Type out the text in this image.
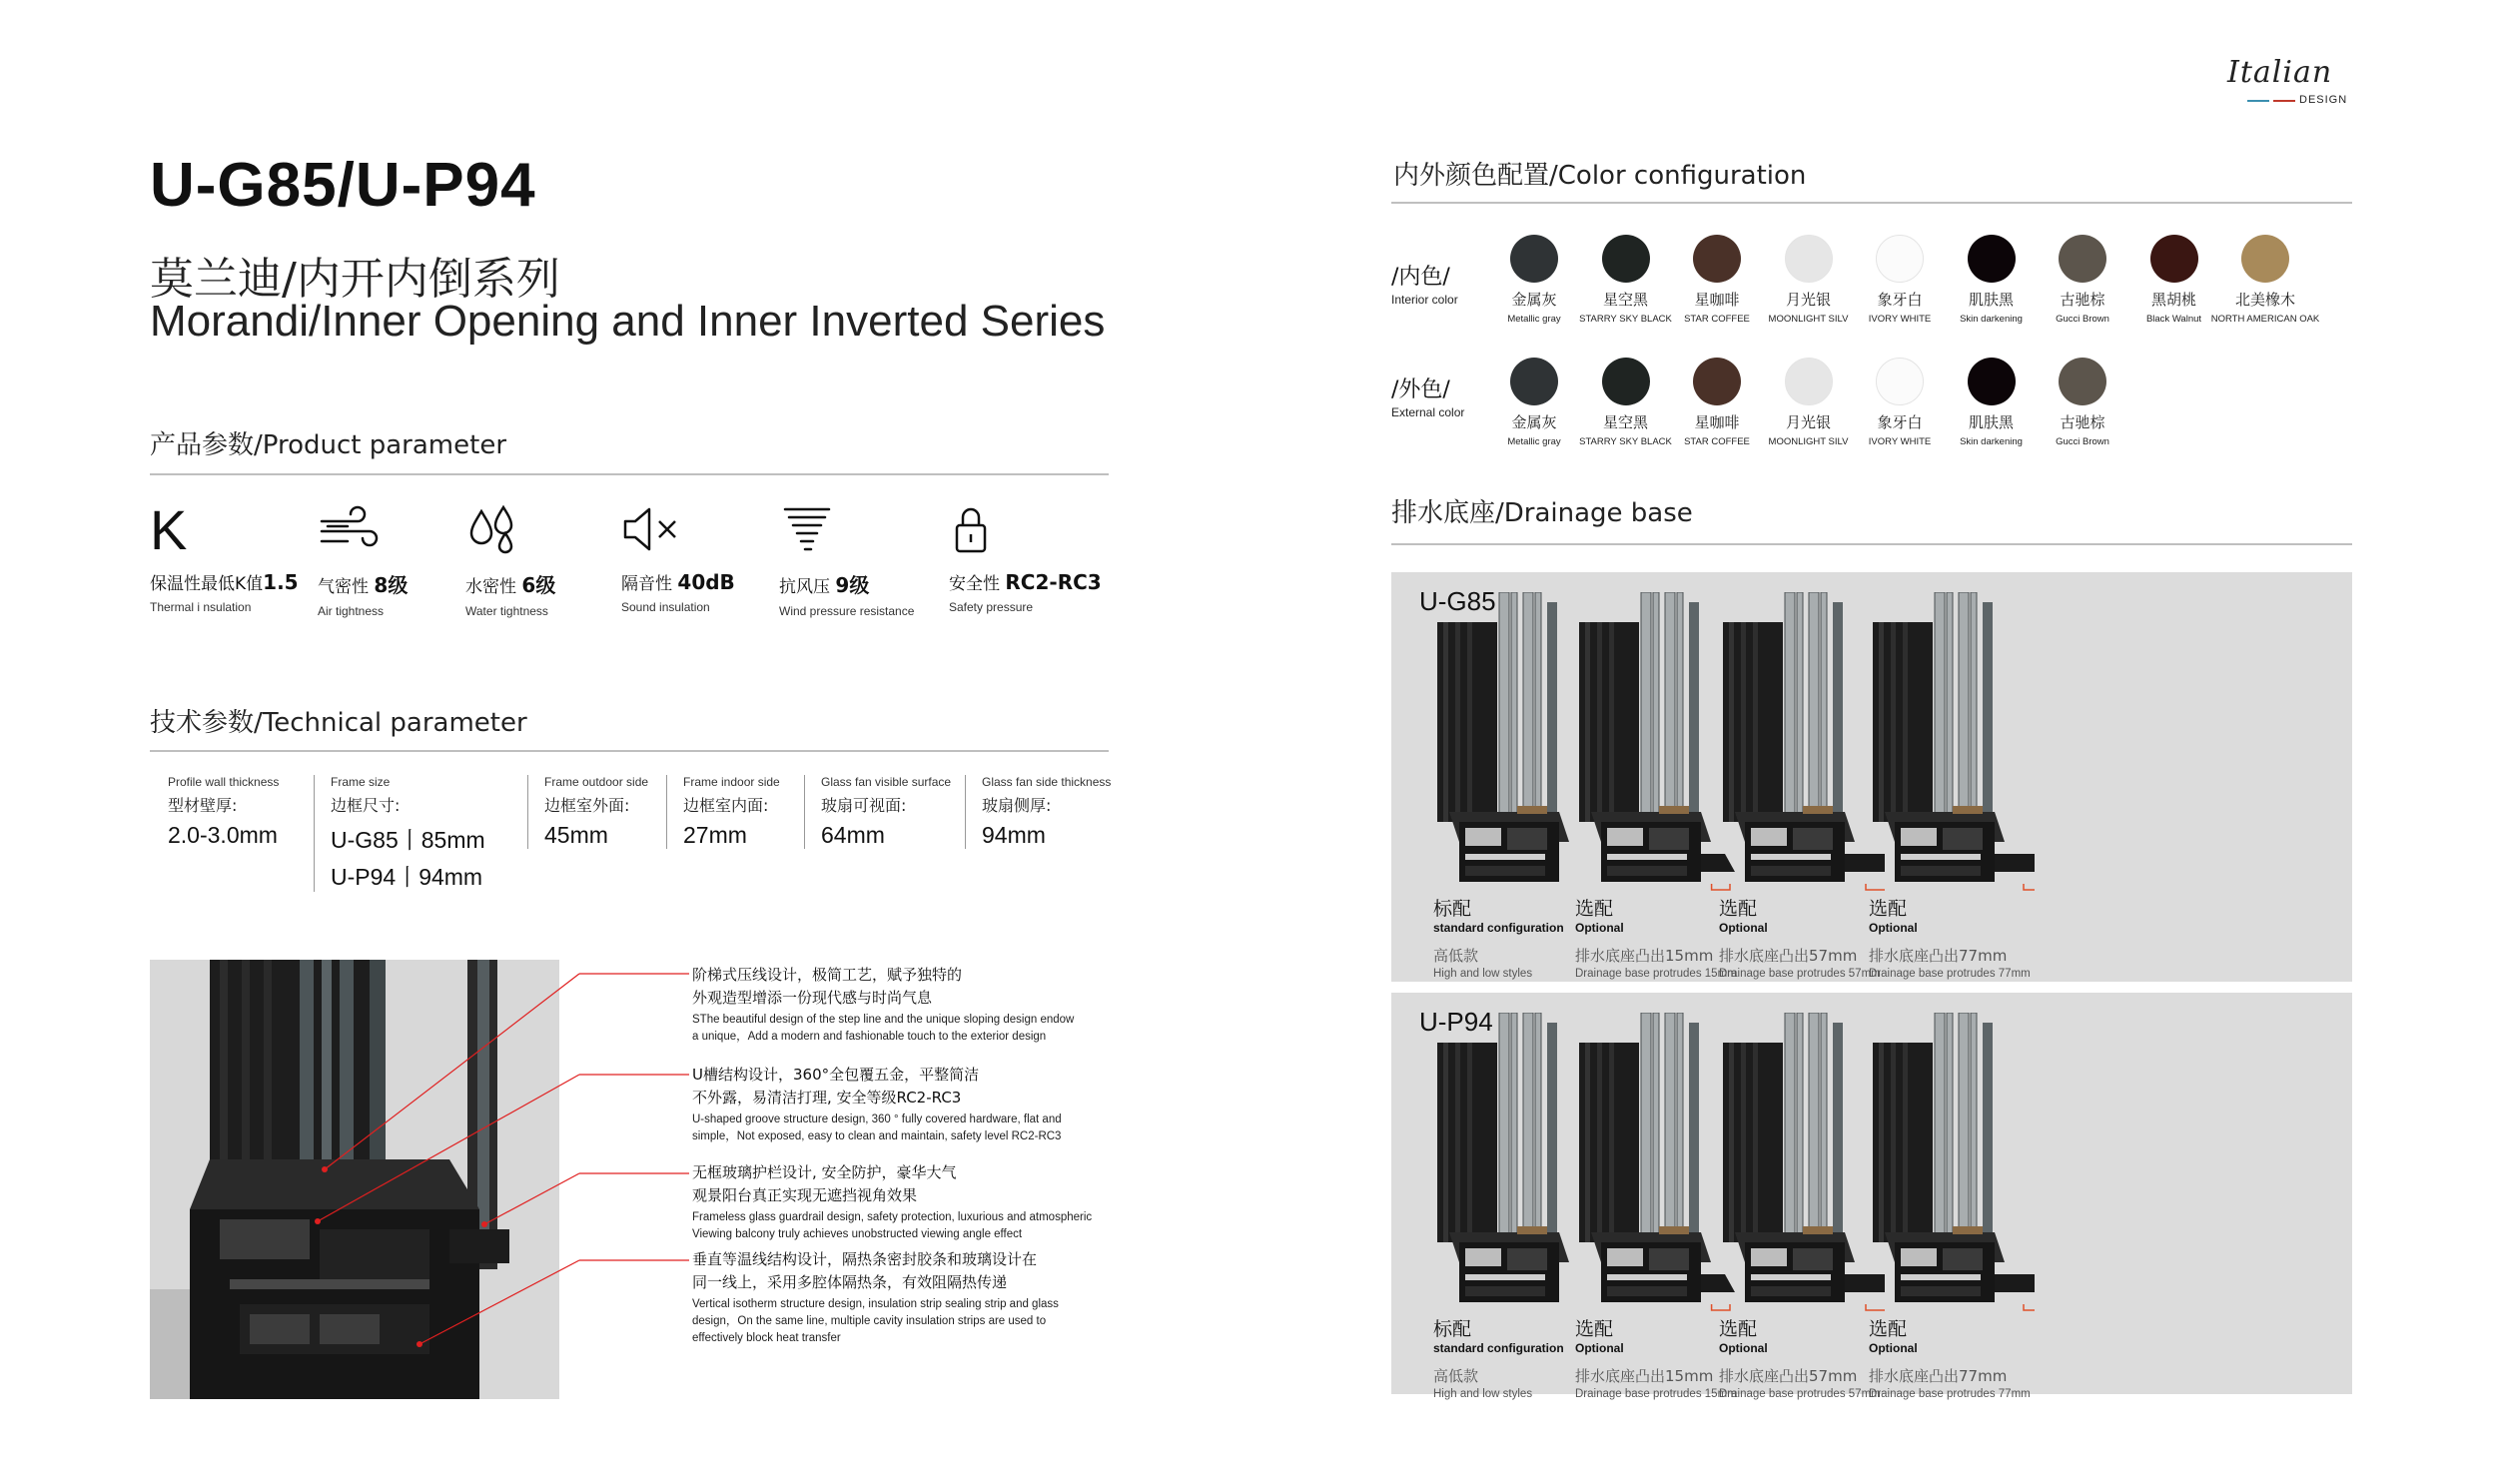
Italian
DESIGN
U-G85/U-P94
莫兰迪/内开内倒系列
Morandi/Inner Opening and Inner Inverted Series
产品参数/Product parameter
K
保温性最低K值1.5
Thermal i nsulation
气密性 8级
Air tightness
水密性 6级
Water tightness
隔音性 40dB
Sound insulation
抗风压 9级
Wind pressure resistance
安全性 RC2-RC3
Safety pressure
技术参数/Technical parameter
Profile wall thickness
型材壁厚:
2.0-3.0mm
Frame size
边框尺寸:
U-G85丨85mm
U-P94丨94mm
Frame outdoor side
边框室外面:
45mm
Frame indoor side
边框室内面:
27mm
Glass fan visible surface
玻扇可视面:
64mm
Glass fan side thickness
玻扇侧厚:
94mm
阶梯式压线设计，极简工艺，赋予独特的
外观造型增添一份现代感与时尚气息
SThe beautiful design of the step line and the unique sloping design endow
a unique，Add a modern and fashionable touch to the exterior design
U槽结构设计，360°全包覆五金，平整简洁
不外露，易清洁打理, 安全等级RC2-RC3
U-shaped groove structure design, 360 ° fully covered hardware, flat and
simple，Not exposed, easy to clean and maintain, safety level RC2-RC3
无框玻璃护栏设计, 安全防护，豪华大气
观景阳台真正实现无遮挡视角效果
Frameless glass guardrail design, safety protection, luxurious and atmospheric
Viewing balcony truly achieves unobstructed viewing angle effect
垂直等温线结构设计，隔热条密封胶条和玻璃设计在
同一线上，采用多腔体隔热条，有效阻隔热传递
Vertical isotherm structure design, insulation strip sealing strip and glass
design，On the same line, multiple cavity insulation strips are used to
effectively block heat transfer
内外颜色配置/Color configuration
/内色/
Interior color	金属灰
Metallic gray
星空黑
STARRY SKY BLACK
星咖啡
STAR COFFEE
月光银
MOONLIGHT SILV
象牙白
IVORY WHITE
肌肤黑
Skin darkening
古驰棕
Gucci Brown
黑胡桃
Black Walnut
北美橡木
NORTH AMERICAN OAK
/外色/
External color
金属灰
Metallic gray
星空黑
STARRY SKY BLACK
星咖啡
STAR COFFEE
月光银
MOONLIGHT SILV
象牙白
IVORY WHITE
肌肤黑
Skin darkening
古驰棕
Gucci Brown
排水底座/Drainage base
U-G85
标配
standard configuration
高低款
High and low styles
选配
Optional
排水底座凸出15mm
Drainage base protrudes 15mm
选配
Optional
排水底座凸出57mm
Drainage base protrudes 57mm
选配
Optional
排水底座凸出77mm
Drainage base protrudes 77mm
U-P94
标配
standard configuration
高低款
High and low styles
选配
Optional
排水底座凸出15mm
Drainage base protrudes 15mm
选配
Optional
排水底座凸出57mm
Drainage base protrudes 57mm
选配
Optional
排水底座凸出77mm
Drainage base protrudes 77mm
